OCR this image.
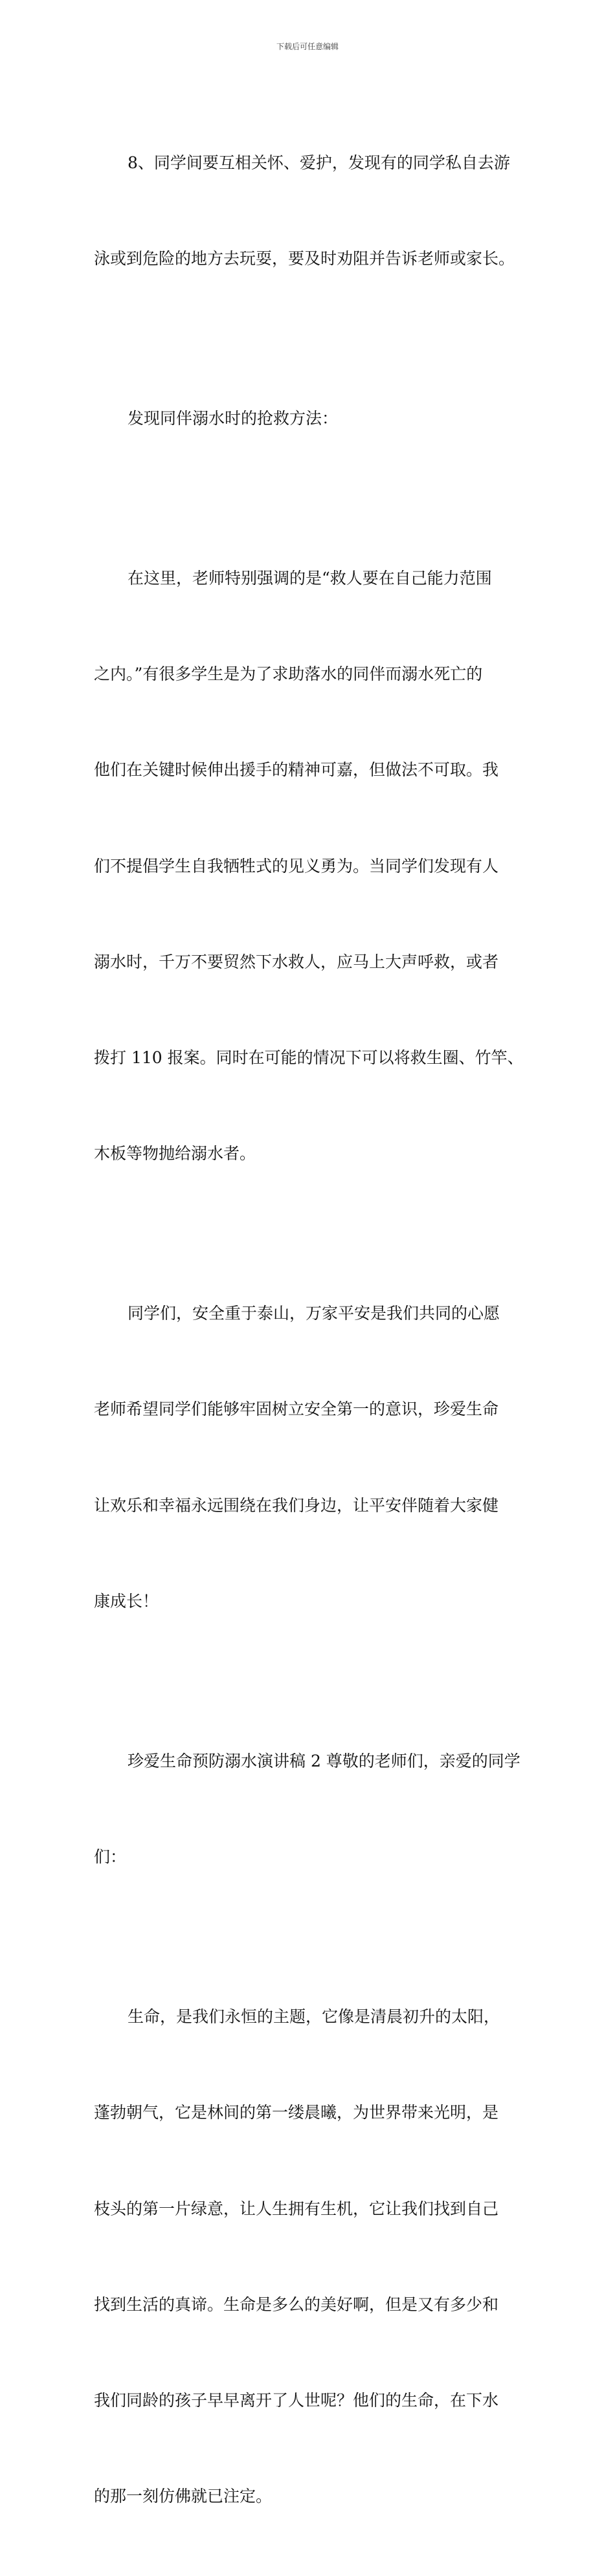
下载后可任意编辑

8、同学间要互相关怀、爱护，发现有的同学私自去游

泳或到危险的地方去玩耍，要及时劝阻并告诉老师或家长。

发现同伴溺水时的抢救方法：

在这里，老师特别强调的是“救人要在自己能力范围

之内。”有很多学生是为了求助落水的同伴而溺水死亡的

他们在关键时候伸出援手的精神可嘉，但做法不可取。我

们不提倡学生自我牺牲式的见义勇为。当同学们发现有人

溺水时，千万不要贸然下水救人，应马上大声呼救，或者

拨打 110 报案。同时在可能的情况下可以将救生圈、竹竿、

木板等物抛给溺水者。

同学们，安全重于泰山，万家平安是我们共同的心愿

老师希望同学们能够牢固树立安全第一的意识，珍爱生命

让欢乐和幸福永远围绕在我们身边，让平安伴随着大家健

康成长！

珍爱生命预防溺水演讲稿 2 尊敬的老师们，亲爱的同学

们：

生命，是我们永恒的主题，它像是清晨初升的太阳，

蓬勃朝气，它是林间的第一缕晨曦，为世界带来光明，是

枝头的第一片绿意，让人生拥有生机，它让我们找到自己

找到生活的真谛。生命是多么的美好啊，但是又有多少和

我们同龄的孩子早早离开了人世呢？他们的生命，在下水

的那一刻仿佛就已注定。
